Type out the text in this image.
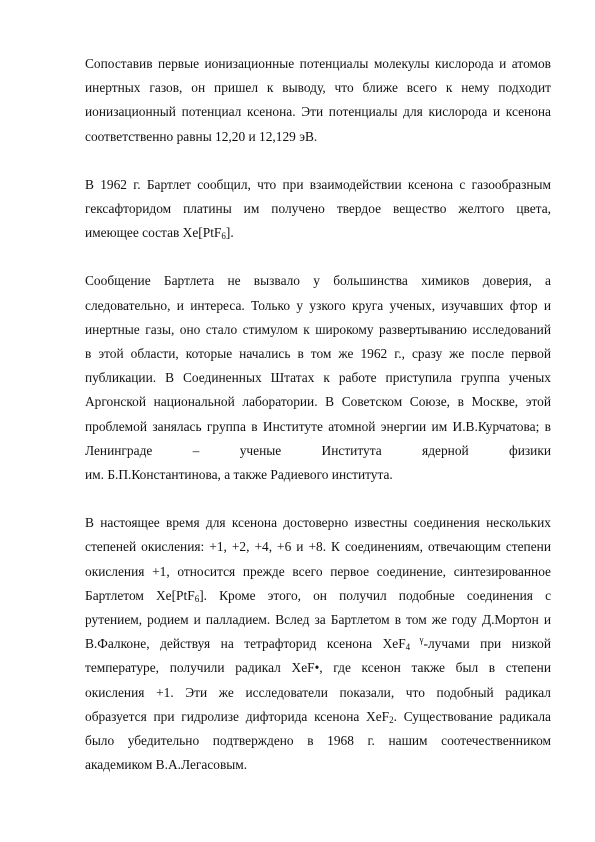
Сопоставив первые ионизационные потенциалы молекулы кислорода и атомов
инертных газов, он пришел к выводу, что ближе всего к нему подходит
ионизационный потенциал ксенона. Эти потенциалы для кислорода и ксенона
соответственно равны 12,20 и 12,129 эВ.

В 1962 г. Бартлет сообщил, что при взаимодействии ксенона с газообразным
гексафторидом платины им получено твердое вещество желтого цвета,
имеющее состав Xe[PtF$_6$].

Сообщение Бартлета не вызвало у большинства химиков доверия, а
следовательно, и интереса. Только у узкого круга ученых, изучавших фтор и
инертные газы, оно стало стимулом к широкому развертыванию исследований
в этой области, которые начались в том же 1962 г., сразу же после первой
публикации. В Соединенных Штатах к работе приступила группа ученых
Аргонской национальной лаборатории. В Советском Союзе, в Москве, этой
проблемой занялась группа в Институте атомной энергии им И.В.Курчатова; в
Ленинграде – ученые Института ядерной физики
им. Б.П.Константинова, а также Радиевого института.

В настоящее время для ксенона достоверно известны соединения нескольких
степеней окисления: +1, +2, +4, +6 и +8. К соединениям, отвечающим степени
окисления +1, относится прежде всего первое соединение, синтезированное
Бартлетом Xe[PtF$_6$]. Кроме этого, он получил подобные соединения с
рутением, родием и палладием. Вслед за Бартлетом в том же году Д.Мортон и
В.Фалконе, действуя на тетрафторид ксенона XeF$_4$ $^\gamma$-лучами при низкой
температуре, получили радикал XeF•, где ксенон также был в степени
окисления +1. Эти же исследователи показали, что подобный радикал
образуется при гидролизе дифторида ксенона XeF$_2$. Существование радикала
было убедительно подтверждено в 1968 г. нашим соотечественником
академиком В.А.Легасовым.
